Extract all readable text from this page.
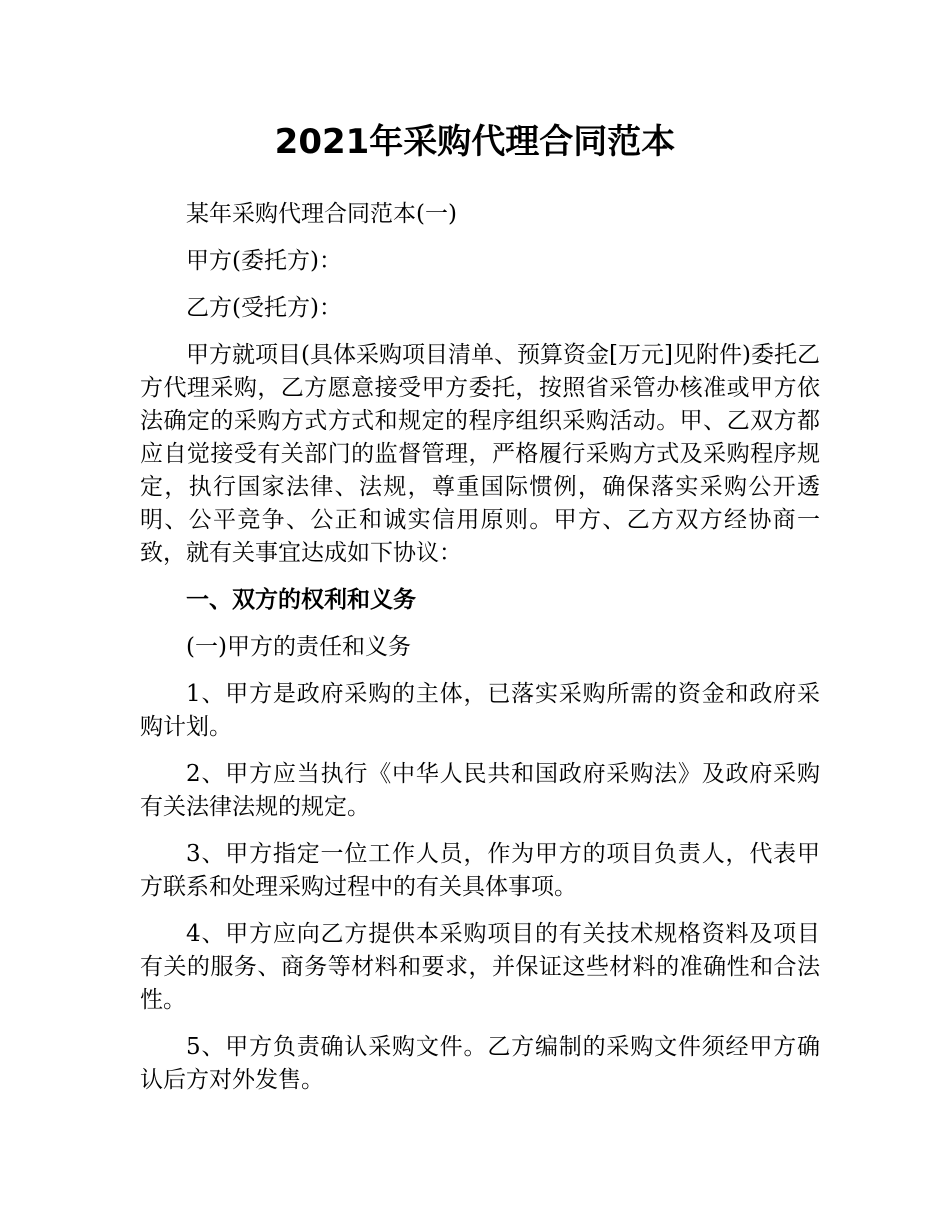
2021年采购代理合同范本

某年采购代理合同范本(一)

甲方(委托方)：

乙方(受托方)：

甲方就项目(具体采购项目清单、预算资金[万元]见附件)委托乙方代理采购，乙方愿意接受甲方委托，按照省采管办核准或甲方依法确定的采购方式方式和规定的程序组织采购活动。甲、乙双方都应自觉接受有关部门的监督管理，严格履行采购方式及采购程序规定，执行国家法律、法规，尊重国际惯例，确保落实采购公开透明、公平竞争、公正和诚实信用原则。甲方、乙方双方经协商一致，就有关事宜达成如下协议：

一、双方的权利和义务

(一)甲方的责任和义务

1、甲方是政府采购的主体，已落实采购所需的资金和政府采购计划。

2、甲方应当执行《中华人民共和国政府采购法》及政府采购有关法律法规的规定。

3、甲方指定一位工作人员，作为甲方的项目负责人，代表甲方联系和处理采购过程中的有关具体事项。

4、甲方应向乙方提供本采购项目的有关技术规格资料及项目有关的服务、商务等材料和要求，并保证这些材料的准确性和合法性。

5、甲方负责确认采购文件。乙方编制的采购文件须经甲方确认后方对外发售。
